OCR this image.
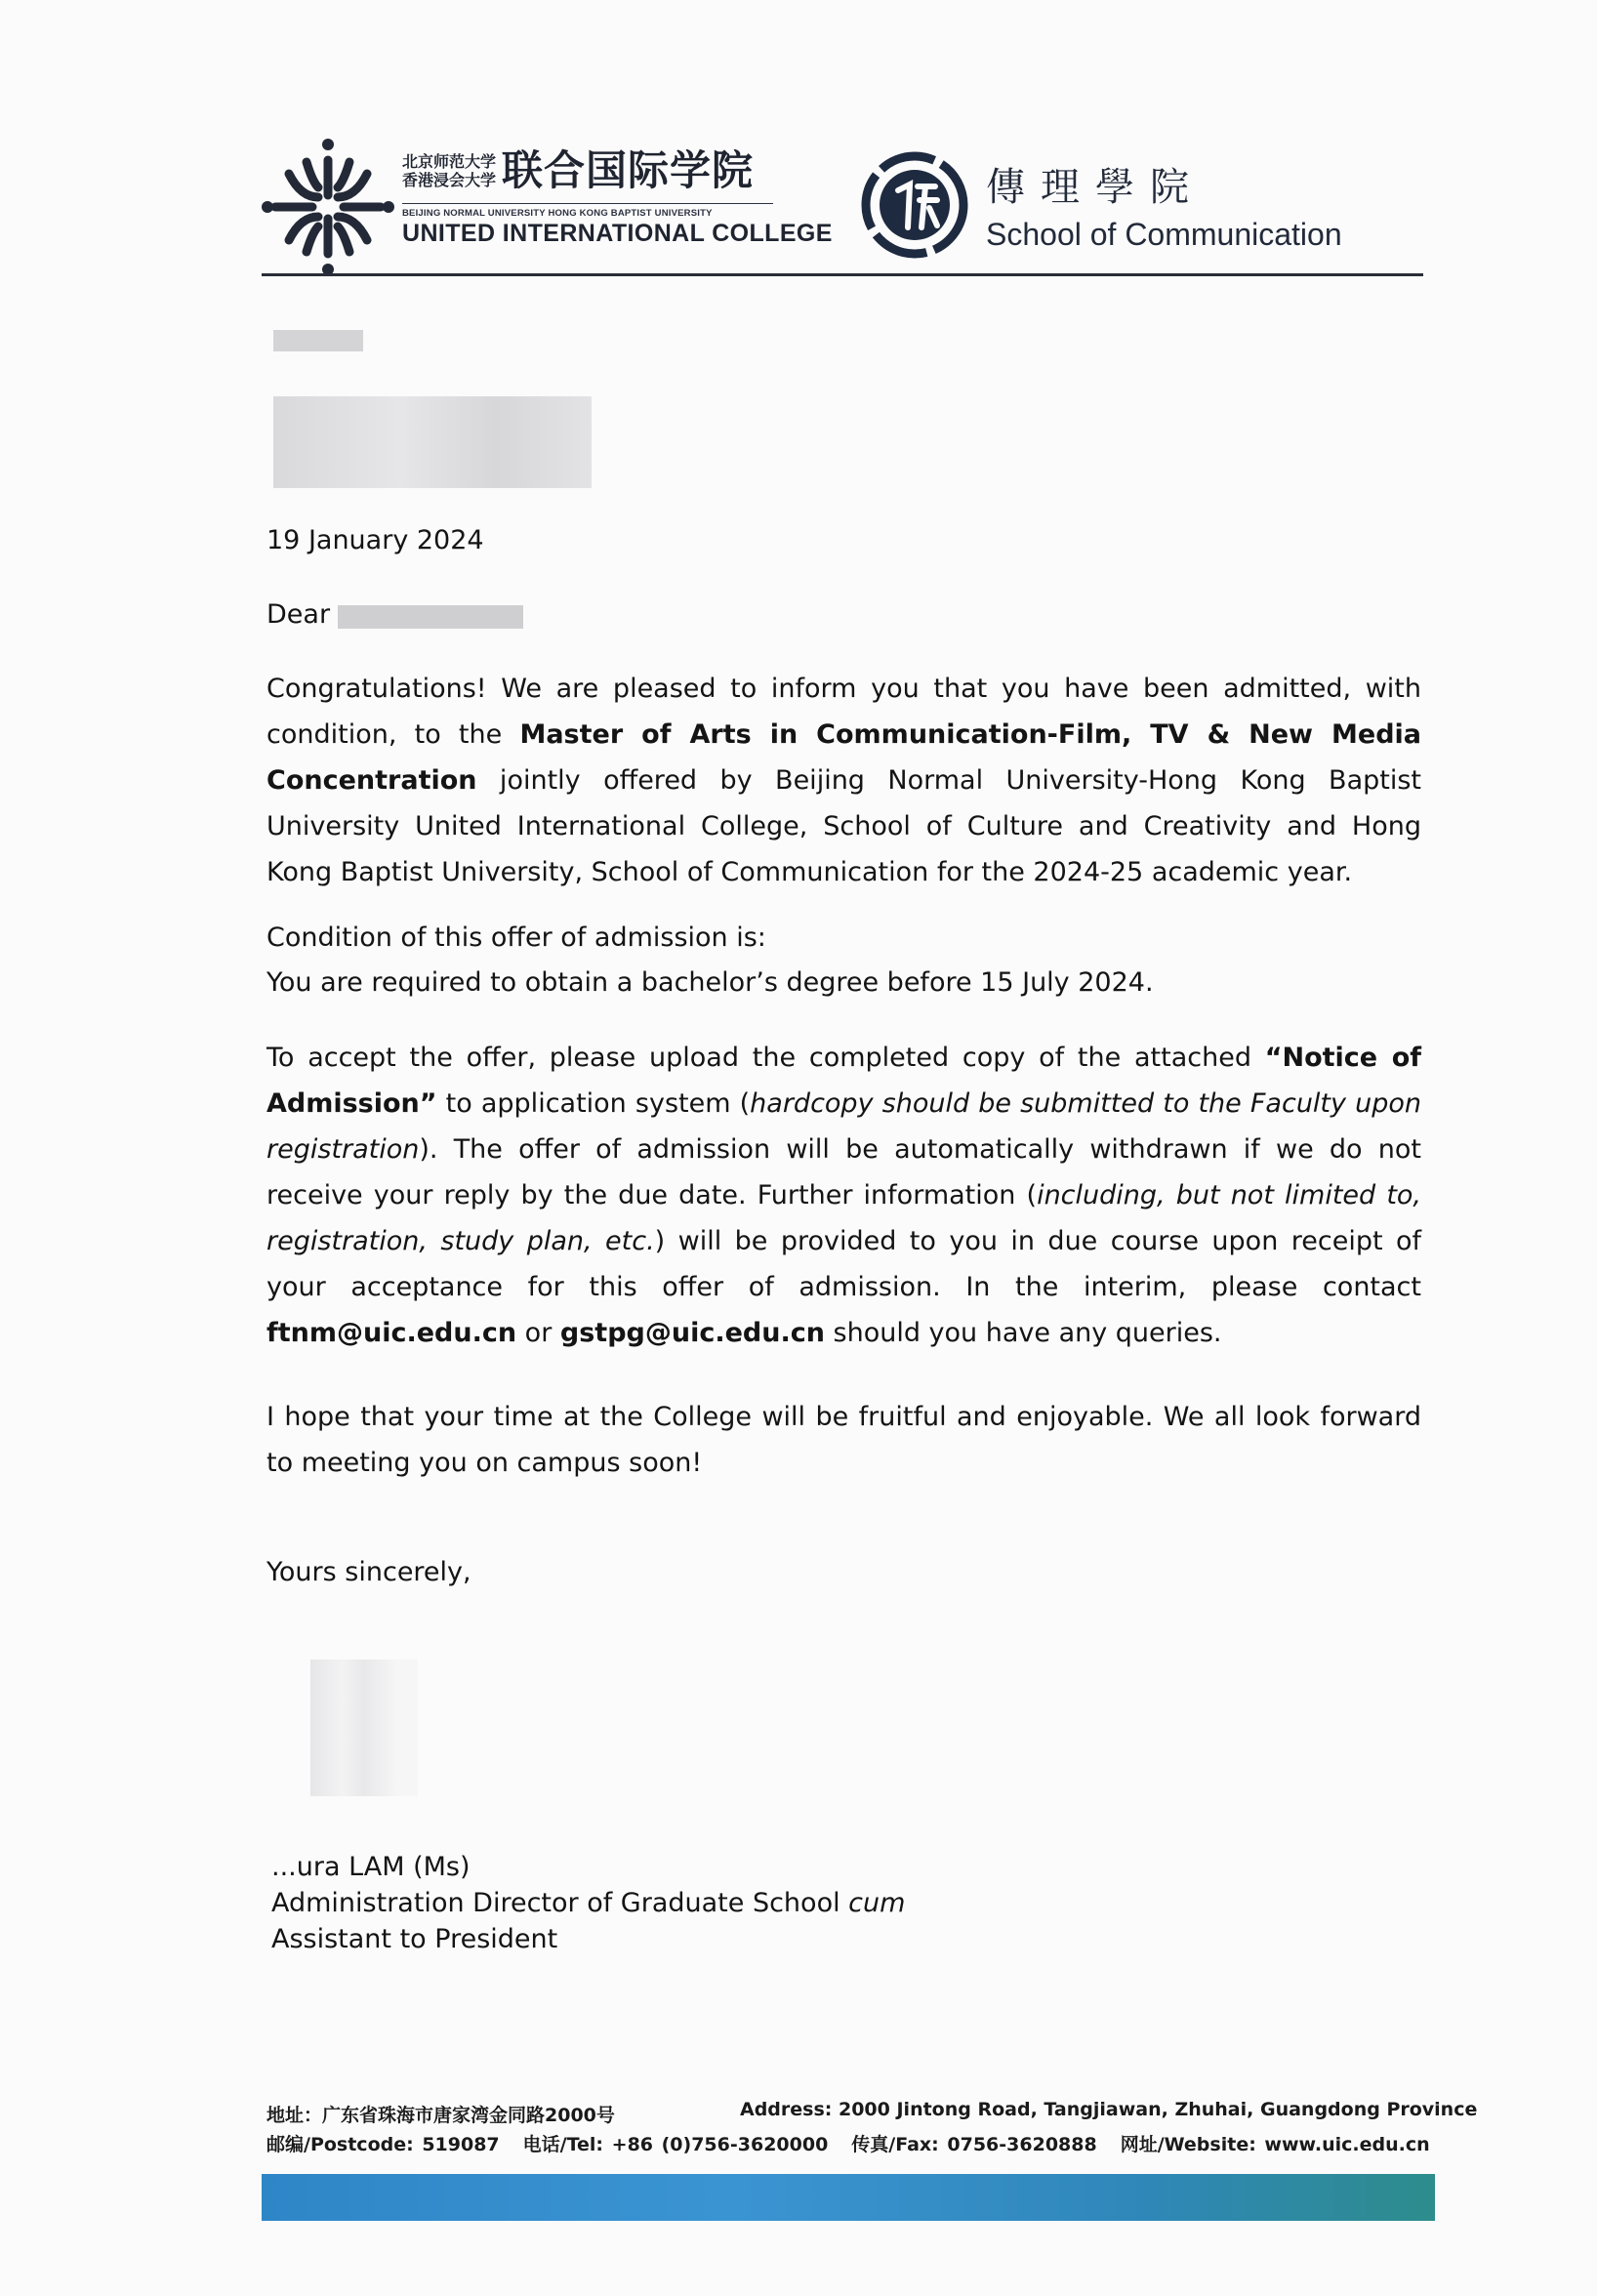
北京师范大学
香港浸会大学 联合国际学院
BEIJING NORMAL UNIVERSITY HONG KONG BAPTIST UNIVERSITY
UNITED INTERNATIONAL COLLEGE
傳理學院
School of Communication
19 January 2024
Dear

Congratulations! We are pleased to inform you that you have been admitted, with condition, to the Master of Arts in Communication-Film, TV & New Media Concentration jointly offered by Beijing Normal University-Hong Kong Baptist University United International College, School of Culture and Creativity and Hong Kong Baptist University, School of Communication for the 2024-25 academic year.

Condition of this offer of admission is:
You are required to obtain a bachelor’s degree before 15 July 2024.

To accept the offer, please upload the completed copy of the attached “Notice of Admission” to application system (hardcopy should be submitted to the Faculty upon registration). The offer of admission will be automatically withdrawn if we do not receive your reply by the due date. Further information (including, but not limited to, registration, study plan, etc.) will be provided to you in due course upon receipt of your acceptance for this offer of admission. In the interim, please contact ftnm@uic.edu.cn or gstpg@uic.edu.cn should you have any queries.

I hope that your time at the College will be fruitful and enjoyable. We all look forward to meeting you on campus soon!

Yours sincerely,
...ura LAM (Ms)
Administration Director of Graduate School cum
Assistant to President
地址：广东省珠海市唐家湾金同路2000号	Address: 2000 Jintong Road, Tangjiawan, Zhuhai, Guangdong Province
邮编/Postcode: 519087 电话/Tel: +86 (0)756-3620000 传真/Fax: 0756-3620888 网址/Website: www.uic.edu.cn
